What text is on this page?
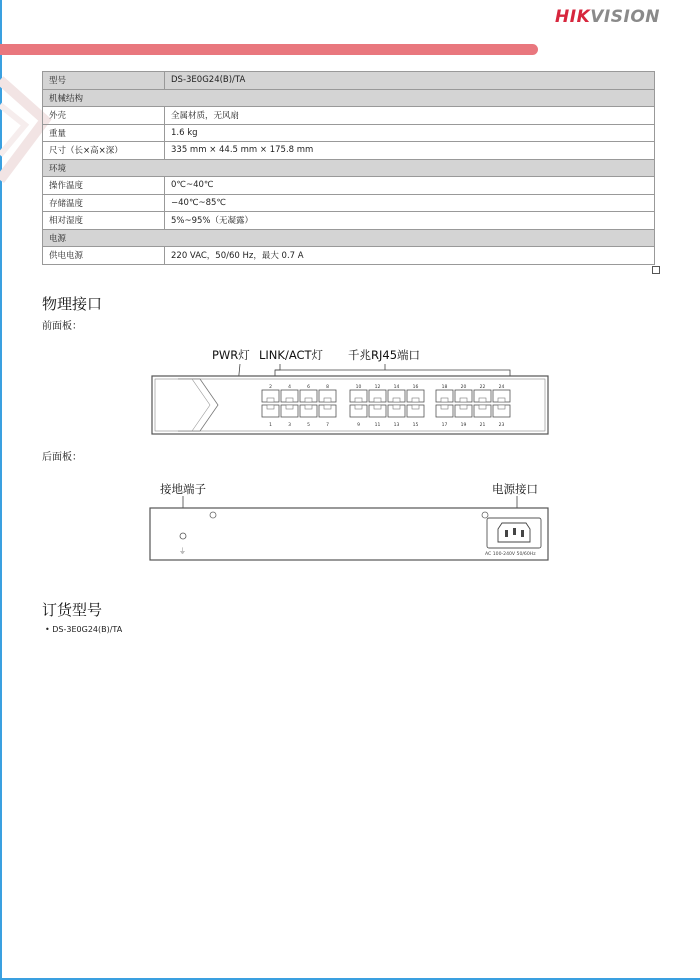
HIKVISION
型号	DS-3E0G24(B)/TA
机械结构	
外壳	全属材质，无风扇
重量	1.6 kg
尺寸（长×高×深）	335 mm × 44.5 mm × 175.8 mm
环境	
操作温度	0℃~40℃
存储温度	−40℃~85℃
相对湿度	5%~95%（无凝露）
电源	
供电电源	220 VAC，50/60 Hz，最大 0.7 A
物理接口
前面板：
PWR灯 LINK/ACT灯 千兆RJ45端口
2
1
4
3
6
5
8
7
10
9
12
11
14
13
16
15
18
17
20
19
22
21
24
23
后面板：
接地端子	电源接口
⏚	AC 100-240V 50/60Hz
订货型号
• DS-3E0G24(B)/TA
